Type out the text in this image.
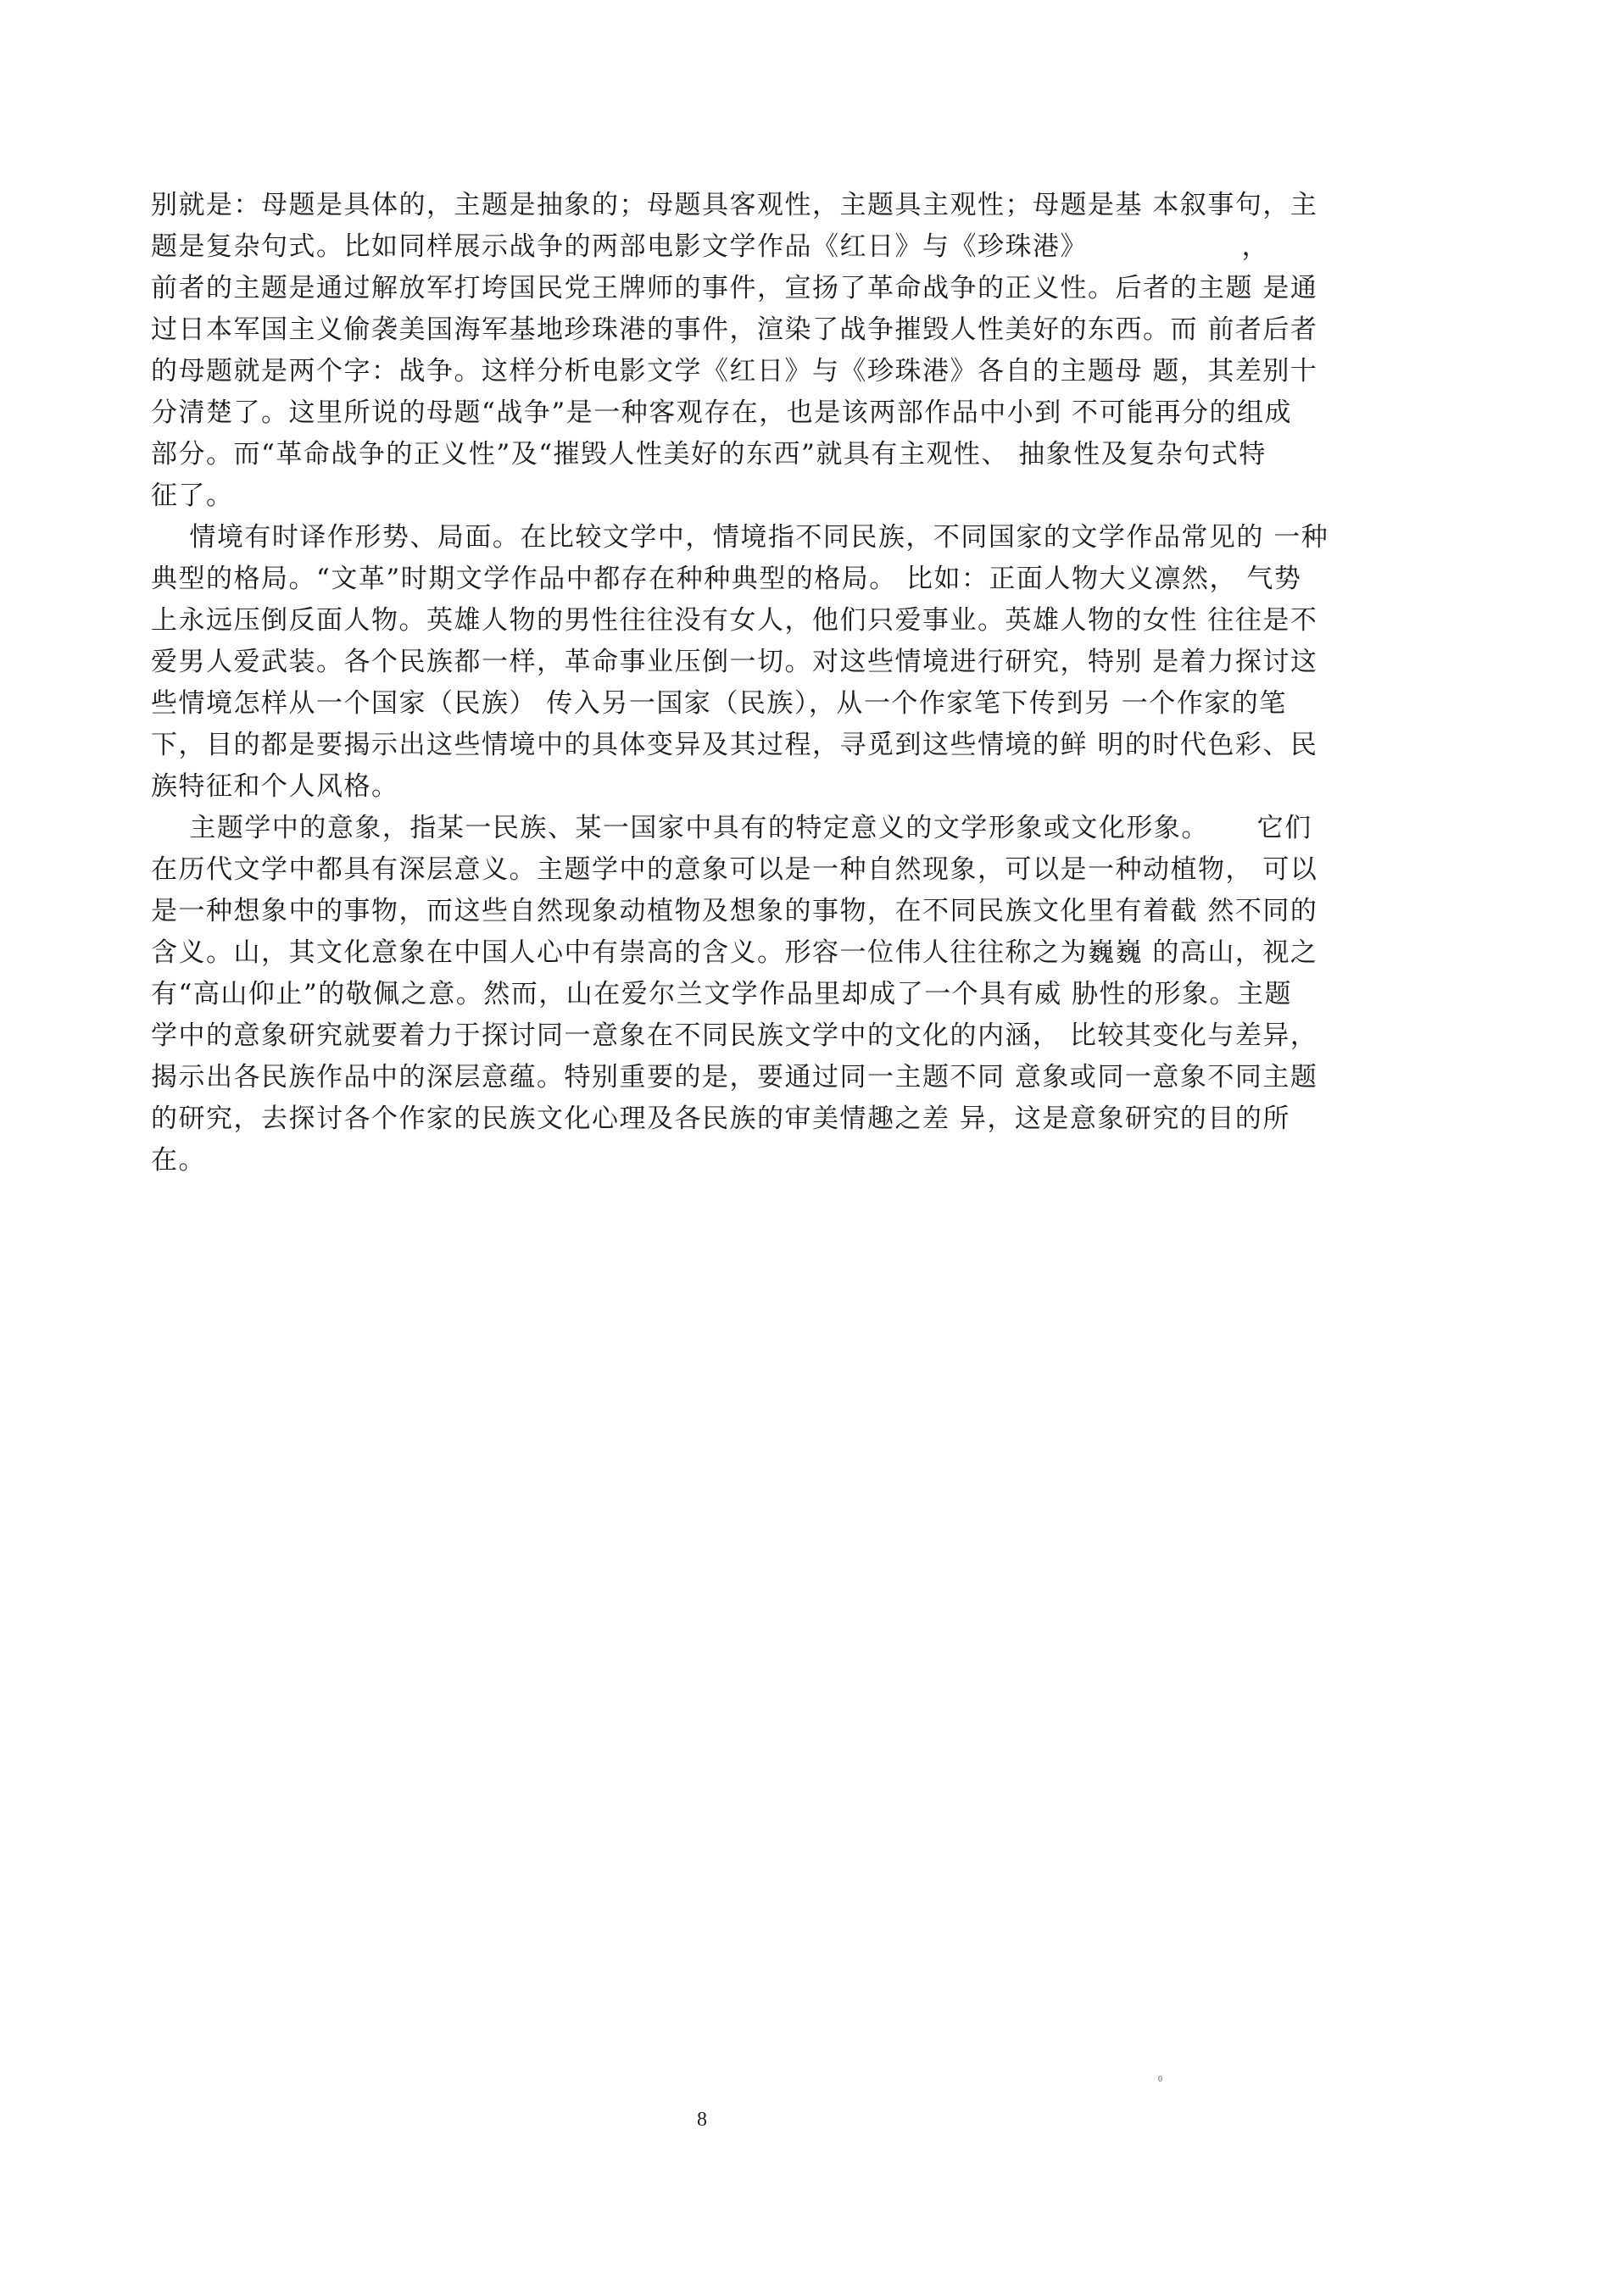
别就是：母题是具体的，主题是抽象的；母题具客观性，主题具主观性；母题是基 本叙事句，主
题是复杂句式。比如同样展示战争的两部电影文学作品《红日》与《珍珠港》                ，
前者的主题是通过解放军打垮国民党王牌师的事件，宣扬了革命战争的正义性。后者的主题 是通
过日本军国主义偷袭美国海军基地珍珠港的事件，渲染了战争摧毁人性美好的东西。而 前者后者
的母题就是两个字：战争。这样分析电影文学《红日》与《珍珠港》各自的主题母 题，其差别十
分清楚了。这里所说的母题“战争”是一种客观存在，也是该两部作品中小到 不可能再分的组成
部分。而“革命战争的正义性”及“摧毁人性美好的东西”就具有主观性、 抽象性及复杂句式特
征了。
情境有时译作形势、局面。在比较文学中，情境指不同民族，不同国家的文学作品常见的 一种
典型的格局。“文革”时期文学作品中都存在种种典型的格局。 比如：正面人物大义凛然， 气势
上永远压倒反面人物。英雄人物的男性往往没有女人，他们只爱事业。英雄人物的女性 往往是不
爱男人爱武装。各个民族都一样，革命事业压倒一切。对这些情境进行研究，特别 是着力探讨这
些情境怎样从一个国家（民族） 传入另一国家（民族），从一个作家笔下传到另 一个作家的笔
下，目的都是要揭示出这些情境中的具体变异及其过程，寻觅到这些情境的鲜 明的时代色彩、民
族特征和个人风格。
主题学中的意象，指某一民族、某一国家中具有的特定意义的文学形象或文化形象。     它们
在历代文学中都具有深层意义。主题学中的意象可以是一种自然现象，可以是一种动植物， 可以
是一种想象中的事物，而这些自然现象动植物及想象的事物，在不同民族文化里有着截 然不同的
含义。山，其文化意象在中国人心中有崇高的含义。形容一位伟人往往称之为巍巍 的高山，视之
有“高山仰止”的敬佩之意。然而，山在爱尔兰文学作品里却成了一个具有威 胁性的形象。主题
学中的意象研究就要着力于探讨同一意象在不同民族文学中的文化的内涵， 比较其变化与差异，
揭示出各民族作品中的深层意蕴。特别重要的是，要通过同一主题不同 意象或同一意象不同主题
的研究，去探讨各个作家的民族文化心理及各民族的审美情趣之差 异，这是意象研究的目的所
在。
0
8
